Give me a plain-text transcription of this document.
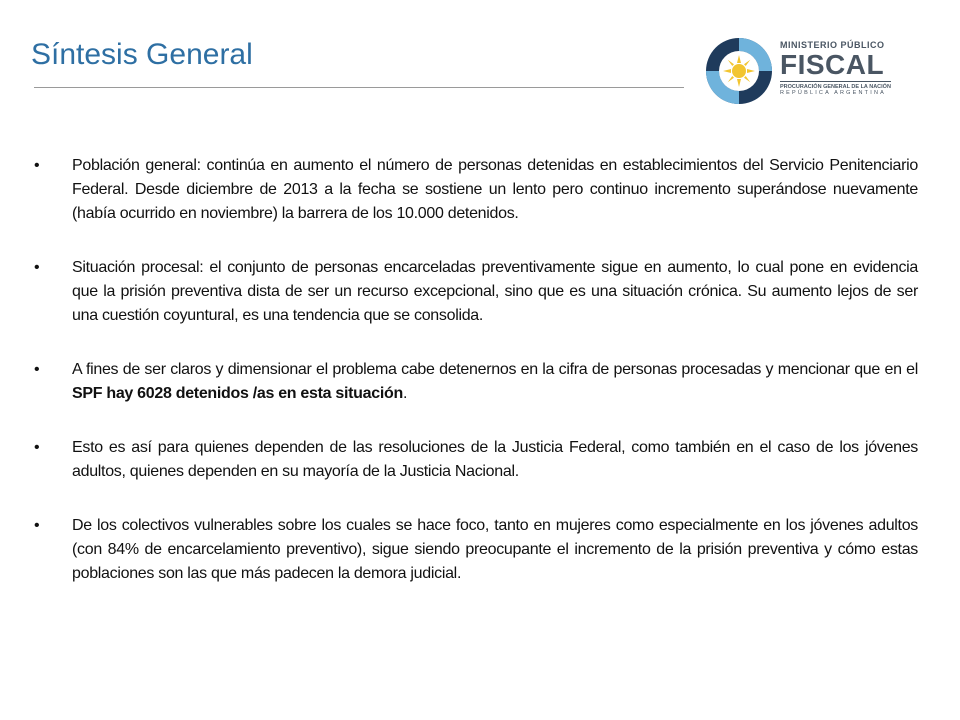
Síntesis General	MINISTERIO PÚBLICO
FISCAL
PROCURACIÓN GENERAL DE LA NACIÓN
REPÚBLICA ARGENTINA
• Población general: continúa en aumento el número de personas detenidas en establecimientos del Servicio Penitenciario Federal. Desde diciembre de 2013 a la fecha se sostiene un lento pero continuo incremento superándose nuevamente (había ocurrido en noviembre) la barrera de los 10.000 detenidos.
• Situación procesal: el conjunto de personas encarceladas preventivamente sigue en aumento, lo cual pone en evidencia que la prisión preventiva dista de ser un recurso excepcional, sino que es una situación crónica. Su aumento lejos de ser una cuestión coyuntural, es una tendencia que se consolida.
• A fines de ser claros y dimensionar el problema cabe detenernos en la cifra de personas procesadas y mencionar que en el SPF hay 6028 detenidos /as en esta situación.
• Esto es así para quienes dependen de las resoluciones de la Justicia Federal, como también en el caso de los jóvenes adultos, quienes dependen en su mayoría de la Justicia Nacional.
• De los colectivos vulnerables sobre los cuales se hace foco, tanto en mujeres como especialmente en los jóvenes adultos (con 84% de encarcelamiento preventivo), sigue siendo preocupante el incremento de la prisión preventiva y cómo estas poblaciones son las que más padecen la demora judicial.
